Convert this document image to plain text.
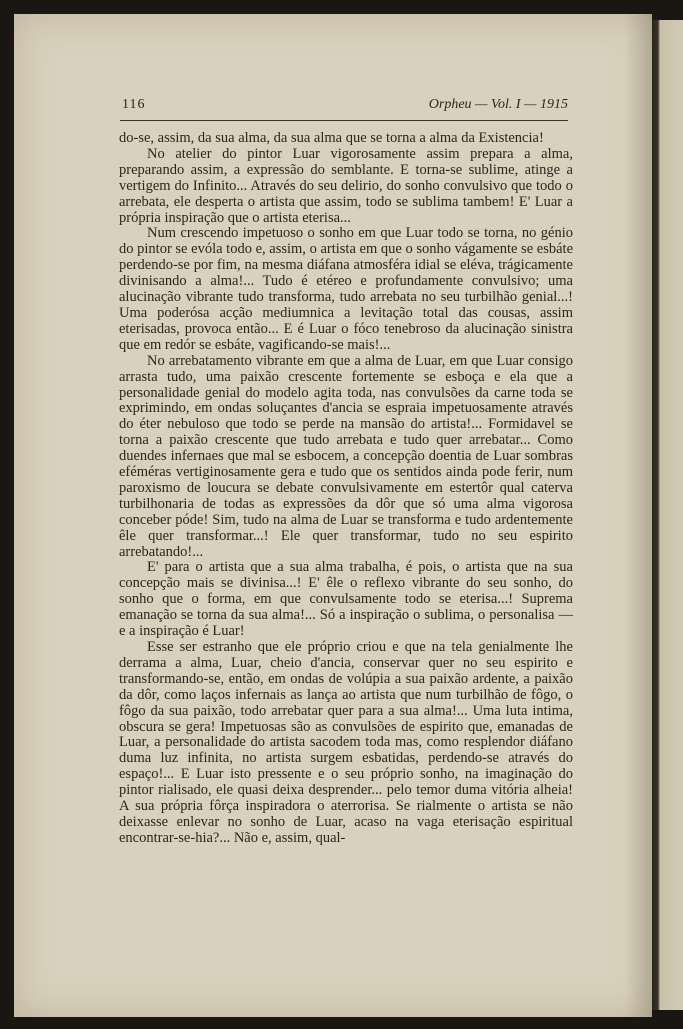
116	Orpheu — Vol. I — 1915

do-se, assim, da sua alma, da sua alma que se torna a alma da Existencia!

No atelier do pintor Luar vigorosamente assim prepara a alma, preparando assim, a expressão do semblante. E torna-se sublime, atinge a vertigem do Infinito... Através do seu delirio, do sonho convulsivo que todo o arrebata, ele desperta o artista que assim, todo se sublima tambem! E' Luar a própria inspiração que o artista eterisa...

Num crescendo impetuoso o sonho em que Luar todo se torna, no génio do pintor se evóla todo e, assim, o artista em que o sonho vágamente se esbáte perdendo-se por fim, na mesma diáfana atmosféra idial se eléva, trágicamente divinisando a alma!... Tudo é etéreo e profundamente convulsivo; uma alucinação vibrante tudo transforma, tudo arrebata no seu turbilhão genial...! Uma poderósa acção mediumnica a levitação total das cousas, assim eterisadas, provoca então... E é Luar o fóco tenebroso da alucinação sinistra que em redór se esbáte, vagificando-se mais!...

No arrebatamento vibrante em que a alma de Luar, em que Luar consigo arrasta tudo, uma paixão crescente fortemente se esboça e ela que a personalidade genial do modelo agita toda, nas convulsões da carne toda se exprimindo, em ondas soluçantes d'ancia se espraia impetuosamente através do éter nebuloso que todo se perde na mansão do artista!... Formidavel se torna a paixão crescente que tudo arrebata e tudo quer arrebatar... Como duendes infernaes que mal se esbocem, a concepção doentia de Luar sombras eféméras vertiginosamente gera e tudo que os sentidos ainda pode ferir, num paroxismo de loucura se debate convulsivamente em estertôr qual caterva turbilhonaria de todas as expressões da dôr que só uma alma vigorosa conceber póde! Sim, tudo na alma de Luar se transforma e tudo ardentemente êle quer transformar...! Ele quer transformar, tudo no seu espirito arrebatando!...

E' para o artista que a sua alma trabalha, é pois, o artista que na sua concepção mais se divinisa...! E' êle o reflexo vibrante do seu sonho, do sonho que o forma, em que convulsamente todo se eterisa...! Suprema emanação se torna da sua alma!... Só a inspiração o sublima, o personalisa — e a inspiração é Luar!

Esse ser estranho que ele próprio criou e que na tela genialmente lhe derrama a alma, Luar, cheio d'ancia, conservar quer no seu espirito e transformando-se, então, em ondas de volúpia a sua paixão ardente, a paixão da dôr, como laços infernais as lança ao artista que num turbilhão de fôgo, o fôgo da sua paixão, todo arrebatar quer para a sua alma!... Uma luta intima, obscura se gera! Impetuosas são as convulsões de espirito que, emanadas de Luar, a personalidade do artista sacodem toda mas, como resplendor diáfano duma luz infinita, no artista surgem esbatidas, perdendo-se através do espaço!... E Luar isto pressente e o seu próprio sonho, na imaginação do pintor rialisado, ele quasi deixa desprender... pelo temor duma vitória alheia! A sua própria fôrça inspiradora o aterrorisa. Se rialmente o artista se não deixasse enlevar no sonho de Luar, acaso na vaga eterisação espiritual encontrar-se-hia?... Não e, assim, qual-
